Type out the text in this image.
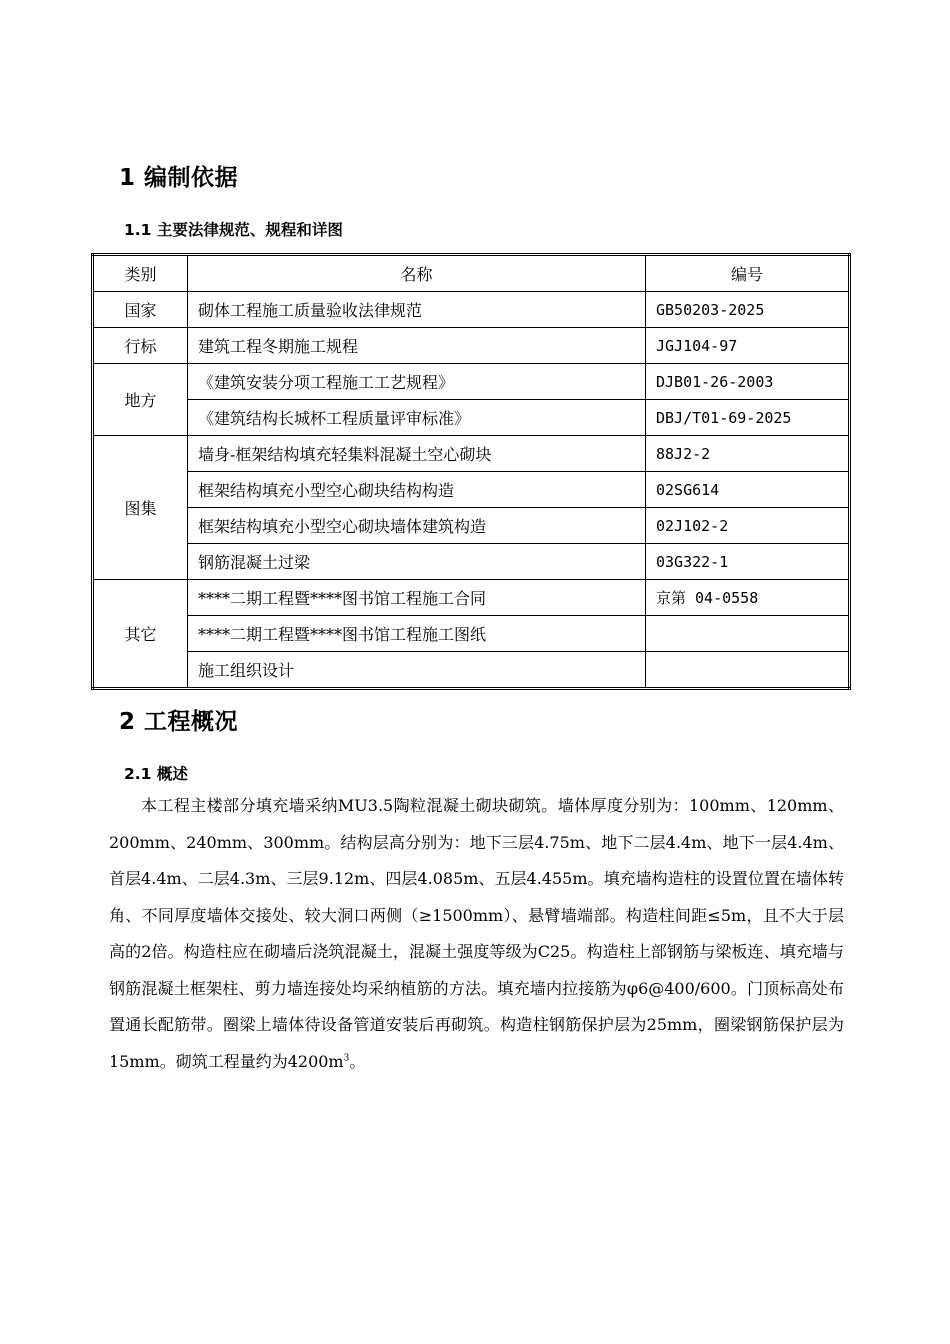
1 编制依据
1.1 主要法律规范、规程和详图
类别	名称	编号
国家	砌体工程施工质量验收法律规范	GB50203-2025
行标	建筑工程冬期施工规程	JGJ104-97
地方	《建筑安装分项工程施工工艺规程》	DJB01-26-2003
	《建筑结构长城杯工程质量评审标准》	DBJ/T01-69-2025
图集	墙身-框架结构填充轻集料混凝土空心砌块	88J2-2
	框架结构填充小型空心砌块结构构造	02SG614
	框架结构填充小型空心砌块墙体建筑构造	02J102-2
	钢筋混凝土过梁	03G322-1
其它	****二期工程暨****图书馆工程施工合同	京第 04-0558
	****二期工程暨****图书馆工程施工图纸	
	施工组织设计	
2 工程概况
2.1 概述

本工程主楼部分填充墙采纳MU3.5陶粒混凝土砌块砌筑。墙体厚度分别为：100mm、120mm、200mm、240mm、300mm。结构层高分别为：地下三层4.75m、地下二层4.4m、地下一层4.4m、首层4.4m、二层4.3m、三层9.12m、四层4.085m、五层4.455m。填充墙构造柱的设置位置在墙体转角、不同厚度墙体交接处、较大洞口两侧（≥1500mm）、悬臂墙端部。构造柱间距≤5m，且不大于层高的2倍。构造柱应在砌墙后浇筑混凝土，混凝土强度等级为C25。构造柱上部钢筋与梁板连、填充墙与钢筋混凝土框架柱、剪力墙连接处均采纳植筋的方法。填充墙内拉接筋为φ6@400/600。门顶标高处布置通长配筋带。圈梁上墙体待设备管道安装后再砌筑。构造柱钢筋保护层为25mm，圈梁钢筋保护层为15mm。砌筑工程量约为$4200m^3$。
